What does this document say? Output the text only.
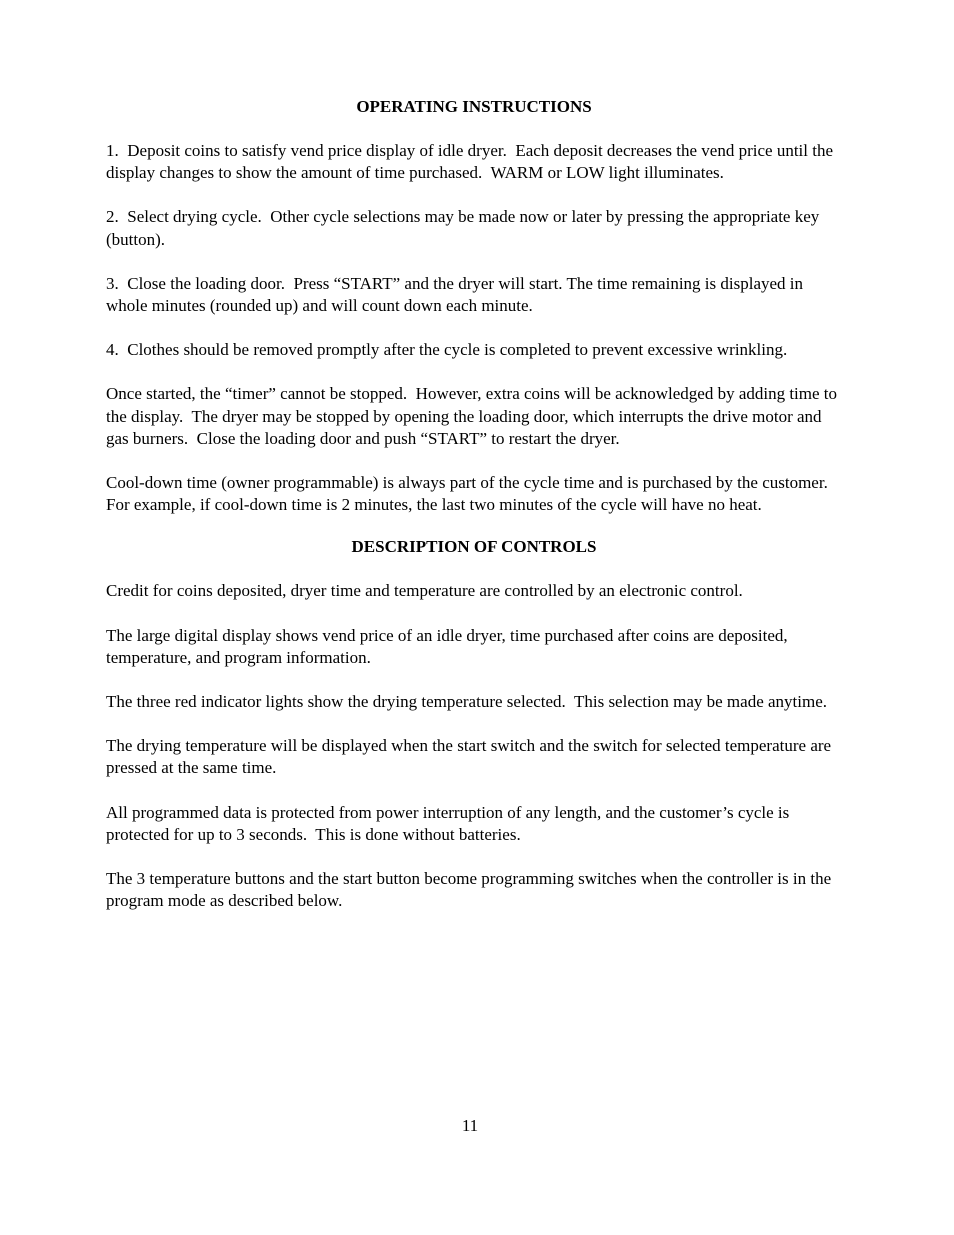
OPERATING INSTRUCTIONS

1.  Deposit coins to satisfy vend price display of idle dryer.  Each deposit decreases the vend price until the display changes to show the amount of time purchased.  WARM or LOW light illuminates.

2.  Select drying cycle.  Other cycle selections may be made now or later by pressing the appropriate key (button).

3.  Close the loading door.  Press “START” and the dryer will start. The time remaining is displayed in whole minutes (rounded up) and will count down each minute.

4.  Clothes should be removed promptly after the cycle is completed to prevent excessive wrinkling.

Once started, the “timer” cannot be stopped.  However, extra coins will be acknowledged by adding time to the display.  The dryer may be stopped by opening the loading door, which interrupts the drive motor and gas burners.  Close the loading door and push “START” to restart the dryer.

Cool-down time (owner programmable) is always part of the cycle time and is purchased by the customer.  For example, if cool-down time is 2 minutes, the last two minutes of the cycle will have no heat.

DESCRIPTION OF CONTROLS

Credit for coins deposited, dryer time and temperature are controlled by an electronic control.

The large digital display shows vend price of an idle dryer, time purchased after coins are deposited, temperature, and program information.

The three red indicator lights show the drying temperature selected.  This selection may be made anytime.

The drying temperature will be displayed when the start switch and the switch for selected temperature are pressed at the same time.

All programmed data is protected from power interruption of any length, and the customer’s cycle is protected for up to 3 seconds.  This is done without batteries.

The 3 temperature buttons and the start button become programming switches when the controller is in the program mode as described below.

11
